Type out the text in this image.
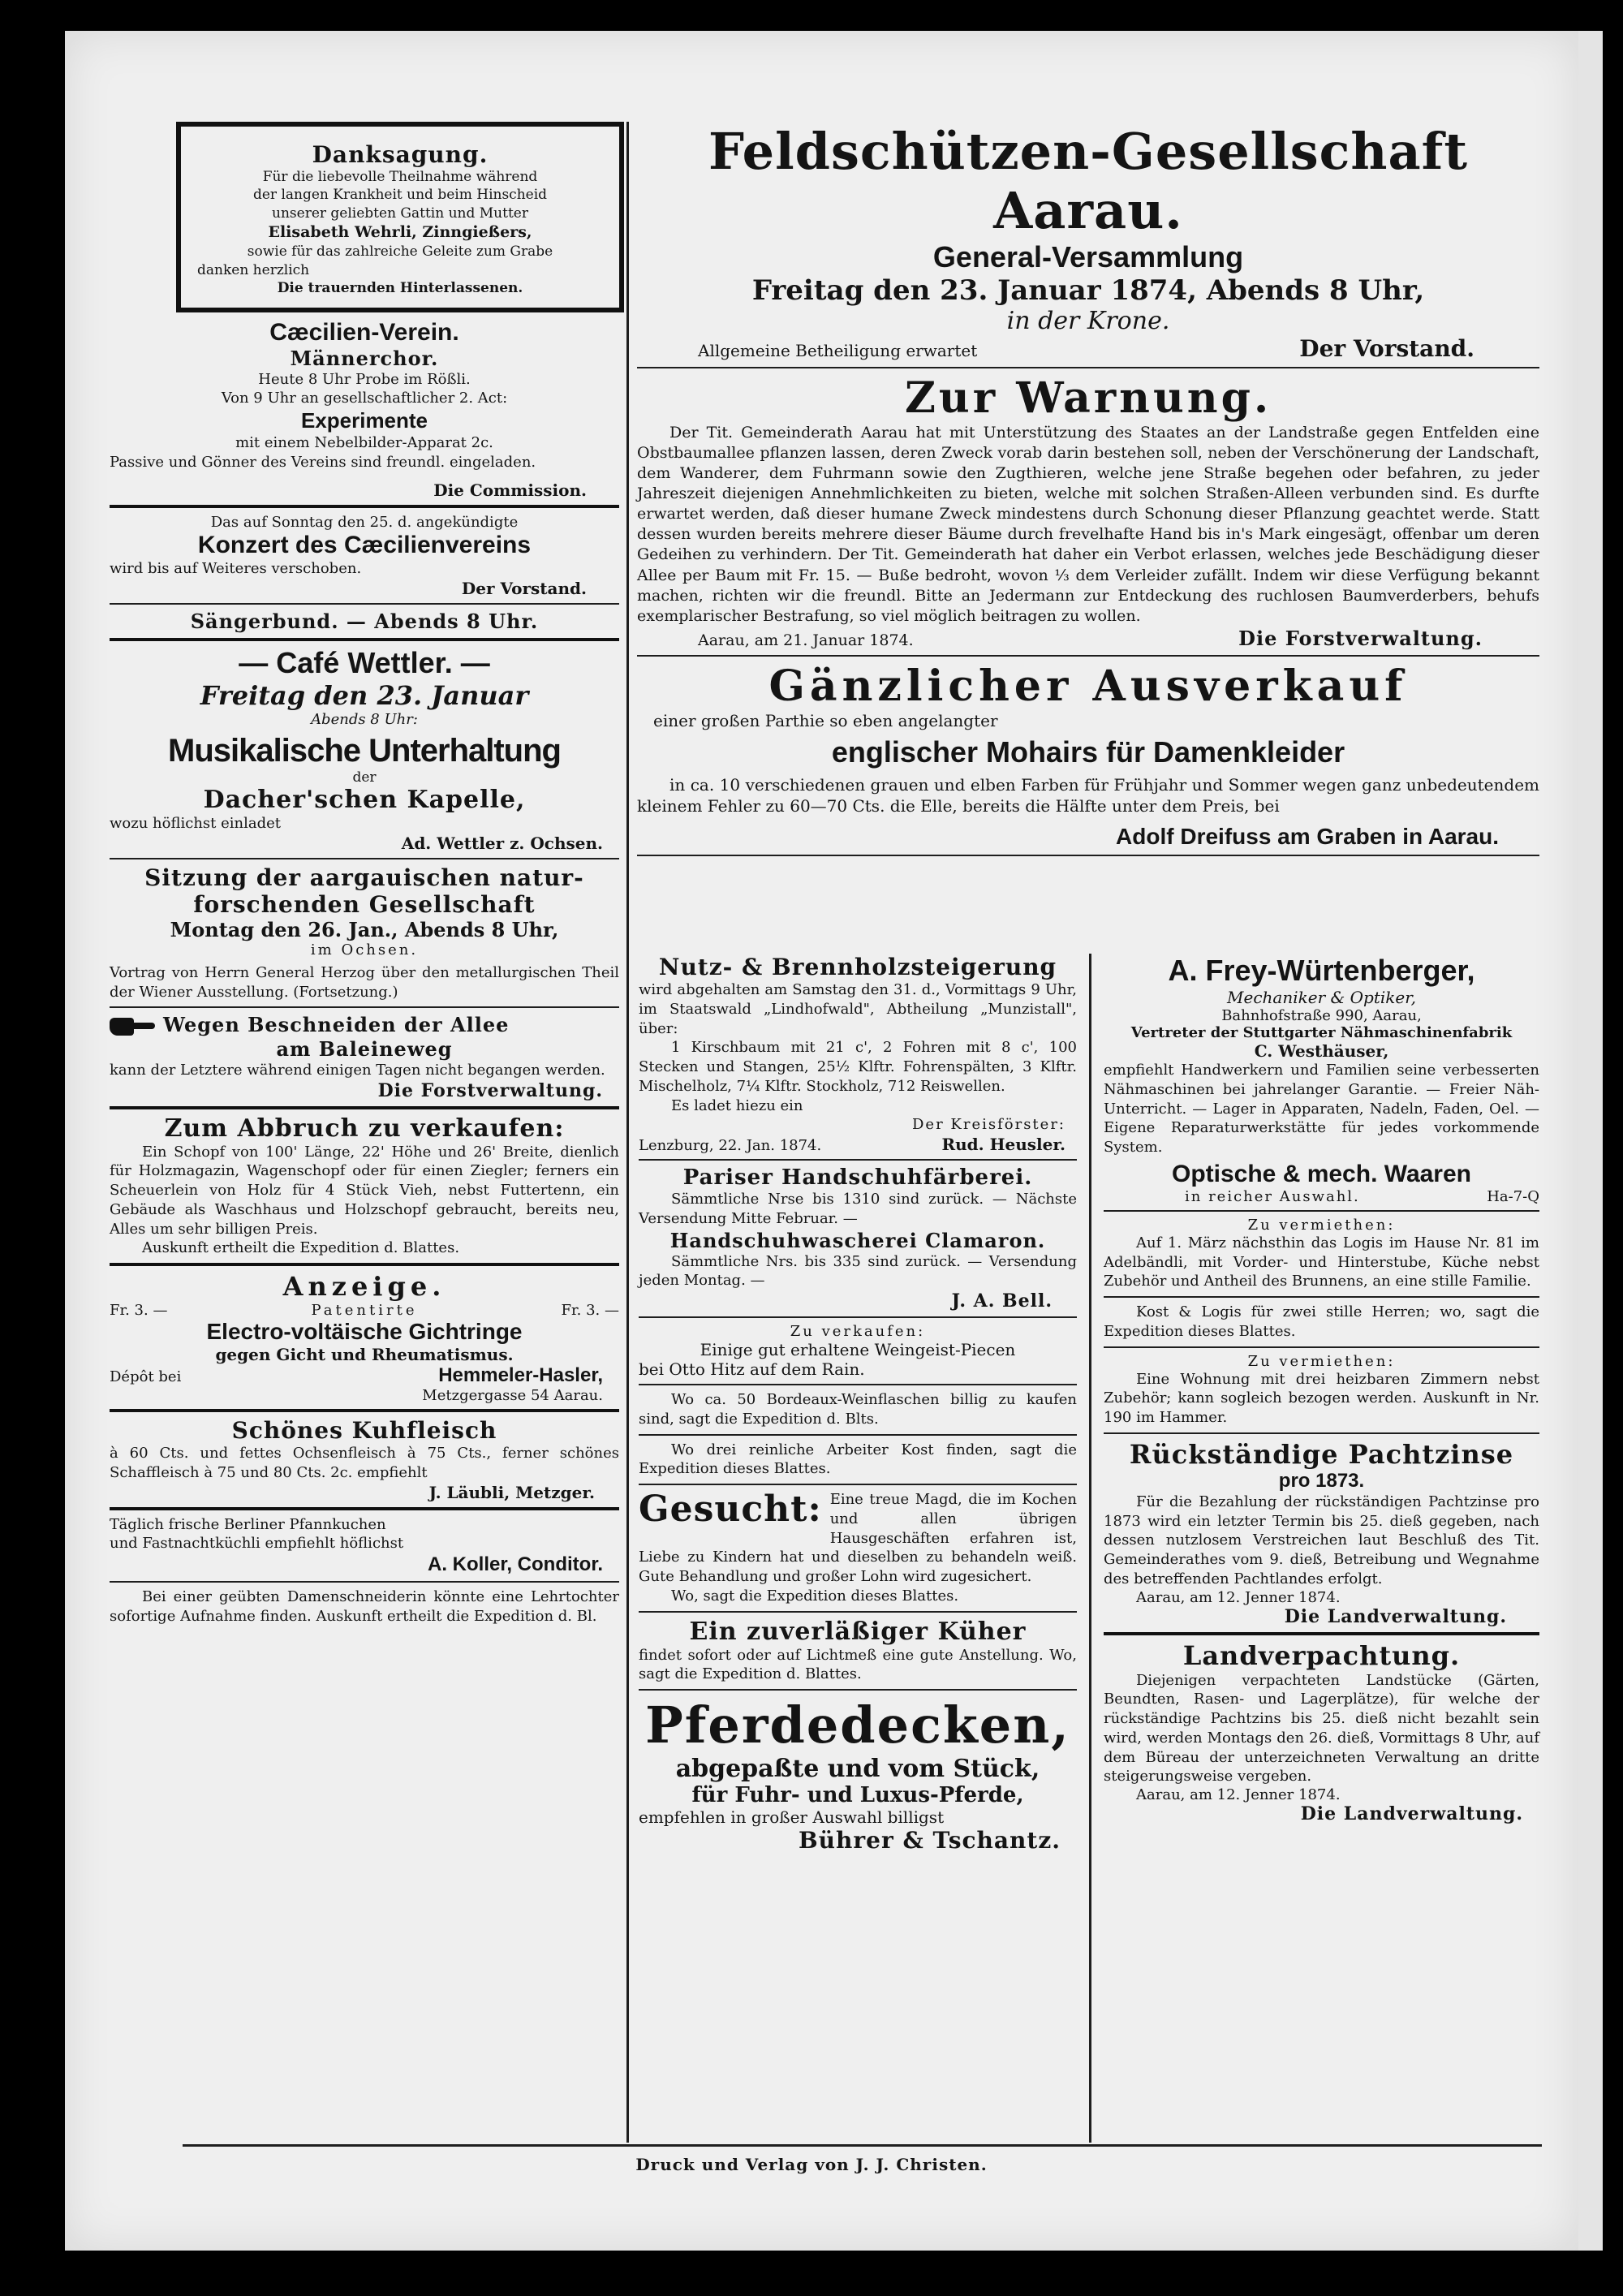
Danksagung.

Für die liebevolle Theilnahme während

der langen Krankheit und beim Hinscheid

unserer geliebten Gattin und Mutter

Elisabeth Wehrli, Zinngießers,

sowie für das zahlreiche Geleite zum Grabe

danken herzlich

Die trauernden Hinterlassenen.

Cæcilien-Verein.

Männerchor.

Heute 8 Uhr Probe im Rößli.

Von 9 Uhr an gesellschaftlicher 2. Act:

Experimente

mit einem Nebelbilder-Apparat 2c.

Passive und Gönner des Vereins sind freundl. eingeladen.

Die Commission.

Das auf Sonntag den 25. d. angekündigte

Konzert des Cæcilienvereins

wird bis auf Weiteres verschoben.

Der Vorstand.

Sängerbund. — Abends 8 Uhr.

— Café Wettler. —

Freitag den 23. Januar

Abends 8 Uhr:

Musikalische Unterhaltung

der

Dacher'schen Kapelle,

wozu höflichst einladet

Ad. Wettler z. Ochsen.

Sitzung der aargauischen natur-

forschenden Gesellschaft

Montag den 26. Jan., Abends 8 Uhr,

im Ochsen.

Vortrag von Herrn General Herzog über den metallurgischen Theil der Wiener Ausstellung. (Fortsetzung.)

Wegen Beschneiden der Allee

am Baleineweg

kann der Letztere während einigen Tagen nicht begangen werden.

Die Forstverwaltung.

Zum Abbruch zu verkaufen:

Ein Schopf von 100' Länge, 22' Höhe und 26' Breite, dienlich für Holzmagazin, Wagenschopf oder für einen Ziegler; ferners ein Scheuerlein von Holz für 4 Stück Vieh, nebst Futtertenn, ein Gebäude als Waschhaus und Holzschopf gebraucht, bereits neu, Alles um sehr billigen Preis.

Auskunft ertheilt die Expedition d. Blattes.

Anzeige.

Fr. 3. —	Patentirte	Fr. 3. —

Electro-voltäische Gichtringe

gegen Gicht und Rheumatismus.

Dépôt bei	Hemmeler-Hasler,

Metzgergasse 54 Aarau.

Schönes Kuhfleisch

à 60 Cts. und fettes Ochsenfleisch à 75 Cts., ferner schönes Schaffleisch à 75 und 80 Cts. 2c. empfiehlt

J. Läubli, Metzger.

Täglich frische Berliner Pfannkuchen

und Fastnachtküchli empfiehlt höflichst

A. Koller, Conditor.

Bei einer geübten Damenschneiderin könnte eine Lehrtochter sofortige Aufnahme finden. Auskunft ertheilt die Expedition d. Bl.

Feldschützen-Gesellschaft Aarau.

General-Versammlung

Freitag den 23. Januar 1874, Abends 8 Uhr,

in der Krone.

Allgemeine Betheiligung erwartet	Der Vorstand.

Zur Warnung.

Der Tit. Gemeinderath Aarau hat mit Unterstützung des Staates an der Landstraße gegen Entfelden eine Obstbaumallee pflanzen lassen, deren Zweck vorab darin bestehen soll, neben der Verschönerung der Landschaft, dem Wanderer, dem Fuhrmann sowie den Zugthieren, welche jene Straße begehen oder befahren, zu jeder Jahreszeit diejenigen Annehmlichkeiten zu bieten, welche mit solchen Straßen-Alleen verbunden sind. Es durfte erwartet werden, daß dieser humane Zweck mindestens durch Schonung dieser Pflanzung geachtet werde. Statt dessen wurden bereits mehrere dieser Bäume durch frevelhafte Hand bis in's Mark eingesägt, offenbar um deren Gedeihen zu verhindern. Der Tit. Gemeinderath hat daher ein Verbot erlassen, welches jede Beschädigung dieser Allee per Baum mit Fr. 15. — Buße bedroht, wovon ⅓ dem Verleider zufällt. Indem wir diese Verfügung bekannt machen, richten wir die freundl. Bitte an Jedermann zur Entdeckung des ruchlosen Baumverderbers, behufs exemplarischer Bestrafung, so viel möglich beitragen zu wollen.

Aarau, am 21. Januar 1874.	Die Forstverwaltung.

Gänzlicher Ausverkauf

einer großen Parthie so eben angelangter

englischer Mohairs für Damenkleider

in ca. 10 verschiedenen grauen und elben Farben für Frühjahr und Sommer wegen ganz unbedeutendem kleinem Fehler zu 60—70 Cts. die Elle, bereits die Hälfte unter dem Preis, bei

Adolf Dreifuss am Graben in Aarau.

Nutz- & Brennholzsteigerung

wird abgehalten am Samstag den 31. d., Vormittags 9 Uhr, im Staatswald „Lindhofwald", Abtheilung „Munzistall", über:

1 Kirschbaum mit 21 c', 2 Fohren mit 8 c', 100 Stecken und Stangen, 25½ Klftr. Fohrenspälten, 3 Klftr. Mischelholz, 7¼ Klftr. Stockholz, 712 Reiswellen.

Es ladet hiezu ein

Der Kreisförster:

Lenzburg, 22. Jan. 1874.	Rud. Heusler.

Pariser Handschuhfärberei.

Sämmtliche Nrse bis 1310 sind zurück. — Nächste Versendung Mitte Februar. —

Handschuhwascherei Clamaron.

Sämmtliche Nrs. bis 335 sind zurück. — Versendung jeden Montag. —

J. A. Bell.

Zu verkaufen:

Einige gut erhaltene Weingeist-Piecen

bei Otto Hitz auf dem Rain.

Wo ca. 50 Bordeaux-Weinflaschen billig zu kaufen sind, sagt die Expedition d. Blts.

Wo drei reinliche Arbeiter Kost finden, sagt die Expedition dieses Blattes.

Gesucht: Eine treue Magd, die im Kochen und allen übrigen Hausgeschäften erfahren ist, Liebe zu Kindern hat und dieselben zu behandeln weiß. Gute Behandlung und großer Lohn wird zugesichert.

Wo, sagt die Expedition dieses Blattes.

Ein zuverläßiger Küher

findet sofort oder auf Lichtmeß eine gute Anstellung. Wo, sagt die Expedition d. Blattes.

Pferdedecken,

abgepaßte und vom Stück,

für Fuhr- und Luxus-Pferde,

empfehlen in großer Auswahl billigst

Bührer & Tschantz.

A. Frey-Würtenberger,

Mechaniker & Optiker,

Bahnhofstraße 990, Aarau,

Vertreter der Stuttgarter Nähmaschinenfabrik

C. Westhäuser,

empfiehlt Handwerkern und Familien seine verbesserten Nähmaschinen bei jahrelanger Garantie. — Freier Näh-Unterricht. — Lager in Apparaten, Nadeln, Faden, Oel. — Eigene Reparaturwerkstätte für jedes vorkommende System.

Optische & mech. Waaren

in reicher Auswahl.	Ha-7-Q

Zu vermiethen:

Auf 1. März nächsthin das Logis im Hause Nr. 81 im Adelbändli, mit Vorder- und Hinterstube, Küche nebst Zubehör und Antheil des Brunnens, an eine stille Familie.

Kost & Logis für zwei stille Herren; wo, sagt die Expedition dieses Blattes.

Zu vermiethen:

Eine Wohnung mit drei heizbaren Zimmern nebst Zubehör; kann sogleich bezogen werden. Auskunft in Nr. 190 im Hammer.

Rückständige Pachtzinse

pro 1873.

Für die Bezahlung der rückständigen Pachtzinse pro 1873 wird ein letzter Termin bis 25. dieß gegeben, nach dessen nutzlosem Verstreichen laut Beschluß des Tit. Gemeinderathes vom 9. dieß, Betreibung und Wegnahme des betreffenden Pachtlandes erfolgt.

Aarau, am 12. Jenner 1874.

Die Landverwaltung.

Landverpachtung.

Diejenigen verpachteten Landstücke (Gärten, Beundten, Rasen- und Lagerplätze), für welche der rückständige Pachtzins bis 25. dieß nicht bezahlt sein wird, werden Montags den 26. dieß, Vormittags 8 Uhr, auf dem Büreau der unterzeichneten Verwaltung an dritte steigerungsweise vergeben.

Aarau, am 12. Jenner 1874.

Die Landverwaltung.

Druck und Verlag von J. J. Christen.
